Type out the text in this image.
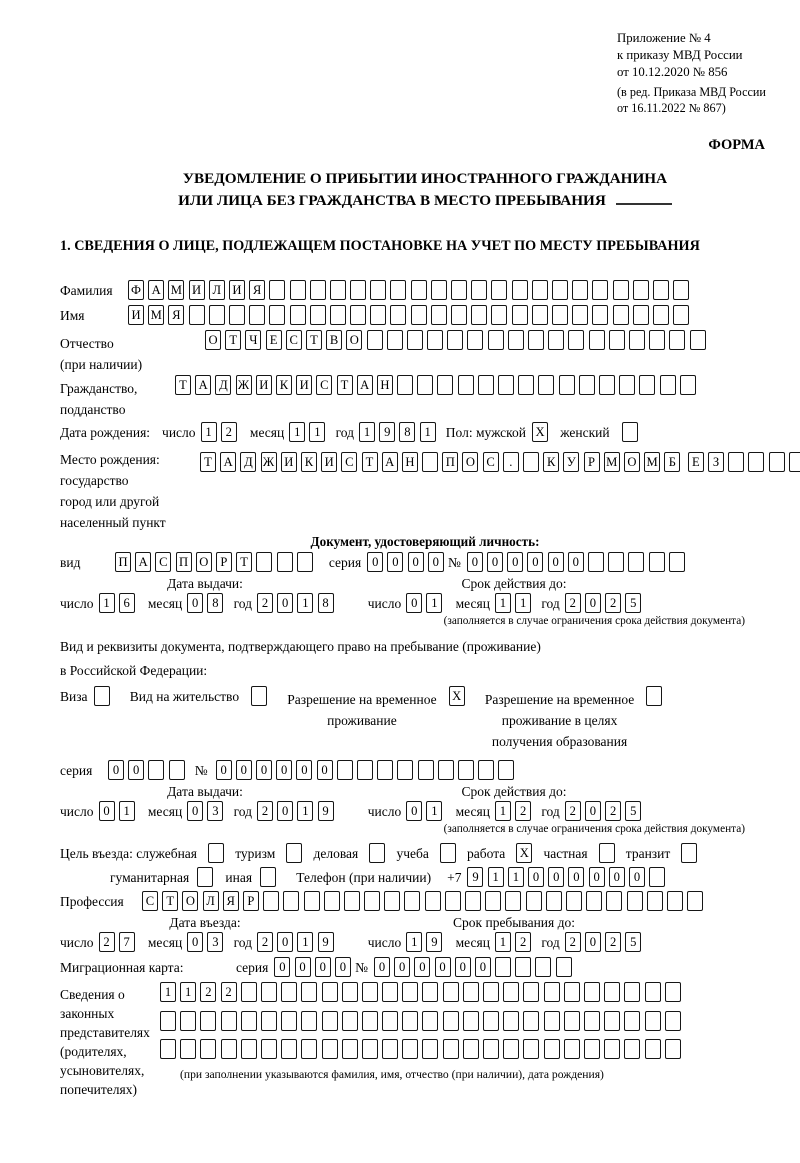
Приложение № 4
к приказу МВД России
от 10.12.2020 № 856
(в ред. Приказа МВД России
от 16.11.2022 № 867)
ФОРМА
УВЕДОМЛЕНИЕ О ПРИБЫТИИ ИНОСТРАННОГО ГРАЖДАНИНА
ИЛИ ЛИЦА БЕЗ ГРАЖДАНСТВА В МЕСТО ПРЕБЫВАНИЯ
1. СВЕДЕНИЯ О ЛИЦЕ, ПОДЛЕЖАЩЕМ ПОСТАНОВКЕ НА УЧЕТ ПО МЕСТУ ПРЕБЫВАНИЯ
Фамилия	Ф А М И Л И Я
Имя	И М Я
Отчество
(при наличии)
О Т Ч Е С Т В О
Гражданство,
подданство
Т А Д Ж И К И С Т А Н
Дата рождения: число 1	2	месяц 1	1	год 1	9	8	1	Пол: мужской X женский
Место рождения:
государство
город или другой
населенный пункт
Т А Д Ж И К И С Т А Н П О С	.	К У Р М О М Б
	Е	З

Документ, удостоверяющий личность:
вид	П А С П О Р	Т	серия 0	0	0	0 № 0	0	0	0	0	0
Дата выдачи:	Срок действия до:
число 1	6	месяц 0	8	год 2	0	1	8	число 0	1	месяц 1	1	год 2	0	2	5
(заполняется в случае ограничения срока действия документа)
Вид и реквизиты документа, подтверждающего право на пребывание (проживание)
в Российской Федерации:
Виза	Вид на жительство	Разрешение на временное
проживание
X Разрешение на временное
проживание в целях
получения образования
серия	0	0	№	0	0	0	0	0	0
Дата выдачи:	Срок действия до:
число 0	1	месяц 0	3	год 2	0	1	9	число 0	1	месяц 1	2	год 2	0	2	5
(заполняется в случае ограничения срока действия документа)
Цель въезда: служебная	туризм	деловая	учеба	работа X частная	транзит
гуманитарная	иная	Телефон (при наличии) +7 9	1	1	0	0	0	0	0	0
Профессия	С Т О Л Я Р
Дата въезда:	Срок пребывания до:
число 2	7	месяц 0	3	год 2	0	1	9	число 1	9	месяц 1	2	год 2	0	2	5
Миграционная карта:	серия 0	0	0	0 № 0	0	0	0	0	0
Сведения о
законных
представителях
(родителях,
усыновителях,
попечителях)
1	1	2	2
(при заполнении указываются фамилия, имя, отчество (при наличии), дата рождения)
